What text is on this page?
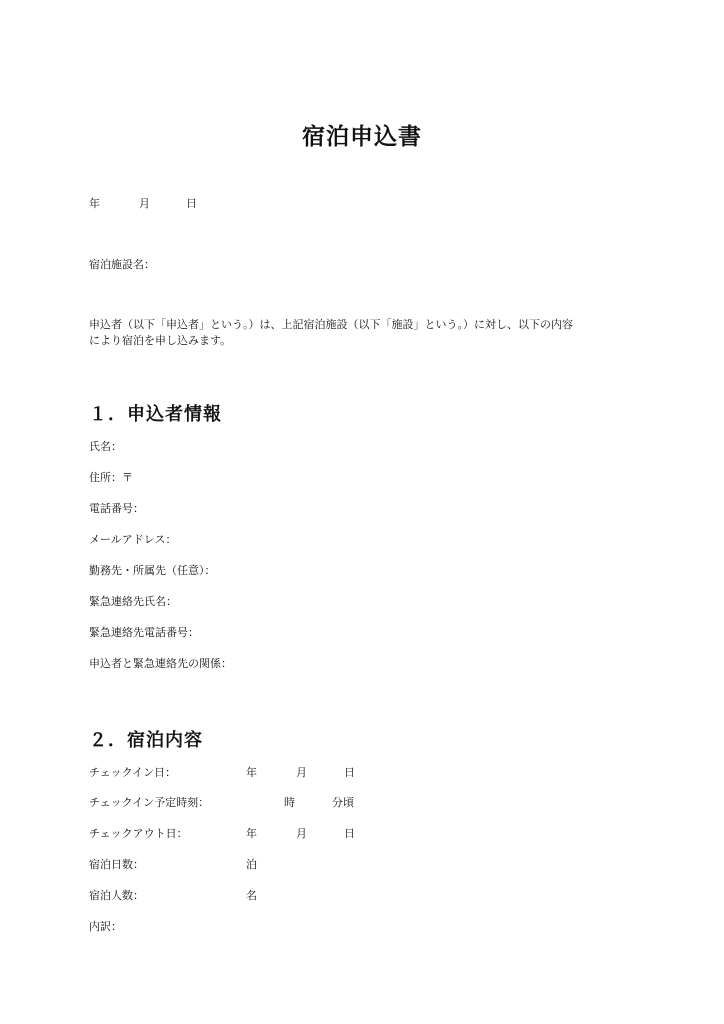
宿泊申込書
年	月	日
宿泊施設名：
申込者（以下「申込者」という。）は、上記宿泊施設（以下「施設」という。）に対し、以下の内容
により宿泊を申し込みます。
１．申込者情報
氏名：
住所：〒
電話番号：
メールアドレス：
勤務先・所属先（任意）：
緊急連絡先氏名：
緊急連絡先電話番号：
申込者と緊急連絡先の関係：
２．宿泊内容
チェックイン日：	年	月	日
チェックイン予定時刻：	時	分頃
チェックアウト日：	年	月	日
宿泊日数：	泊
宿泊人数：	名
内訳：
